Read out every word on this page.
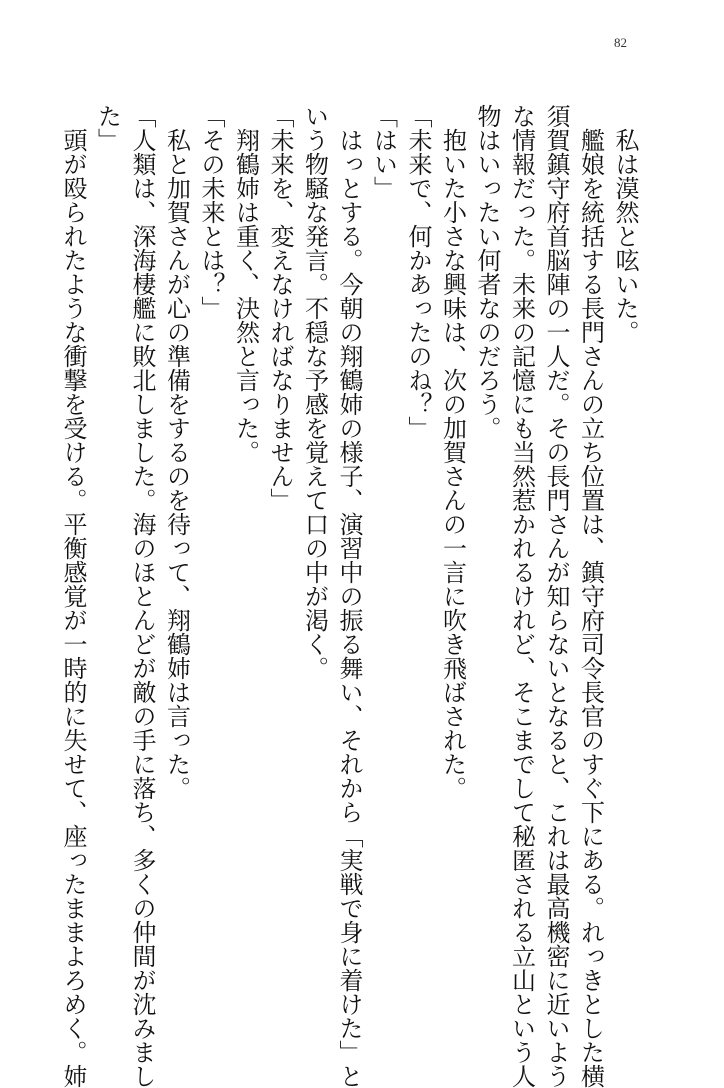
82
　私は漠然と呟いた。
　艦娘を統括する長門さんの立ち位置は、鎮守府司令長官のすぐ下にある。れっきとした横
須賀鎮守府首脳陣の一人だ。その長門さんが知らないとなると、これは最高機密に近いよう
な情報だった。未来の記憶にも当然惹かれるけれど、そこまでして秘匿される立山という人
物はいったい何者なのだろう。
　抱いた小さな興味は、次の加賀さんの一言に吹き飛ばされた。
「未来で、何かあったのね？」
「はい」
　はっとする。今朝の翔鶴姉の様子、演習中の振る舞い、それから「実戦で身に着けた」と
いう物騒な発言。不穏な予感を覚えて口の中が渇く。
「未来を、変えなければなりません」
　翔鶴姉は重く、決然と言った。
「その未来とは？」
　私と加賀さんが心の準備をするのを待って、翔鶴姉は言った。
「人類は、深海棲艦に敗北しました。海のほとんどが敵の手に落ち、多くの仲間が沈みまし
た」
　頭が殴られたような衝撃を受ける。平衡感覚が一時的に失せて、座ったままよろめく。姉
